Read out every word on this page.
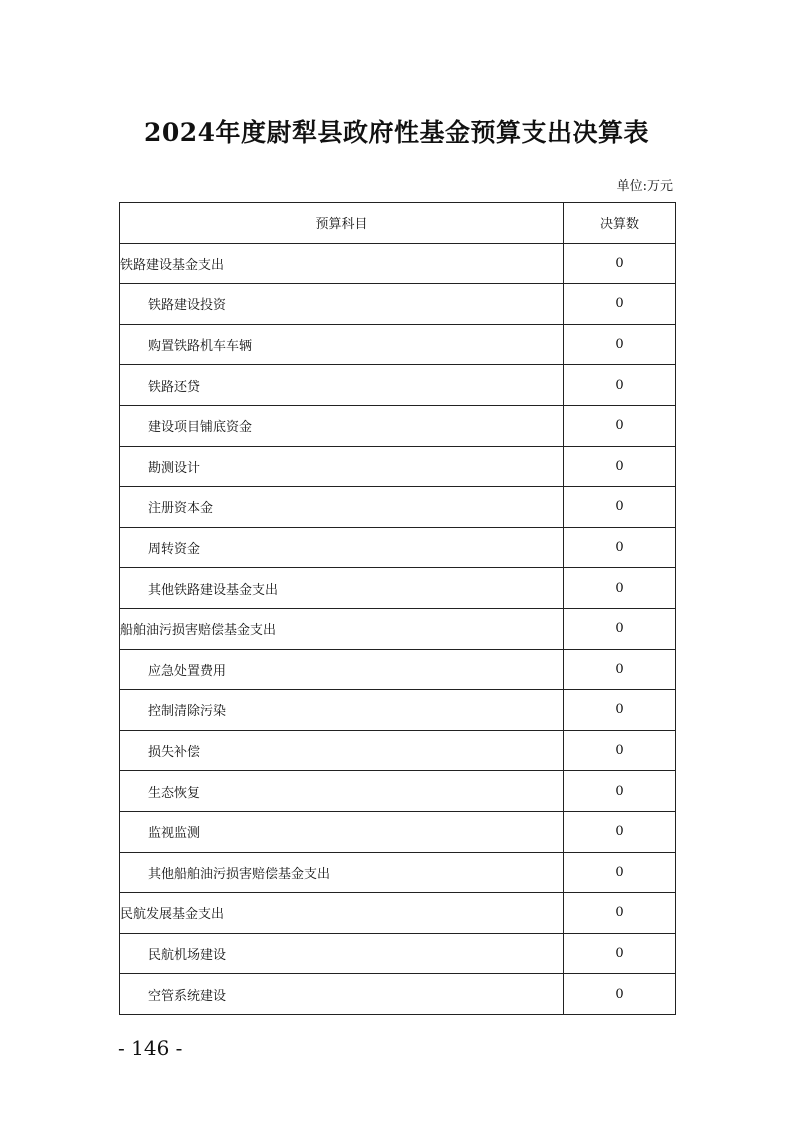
2024年度尉犁县政府性基金预算支出决算表
单位:万元
预算科目	决算数
铁路建设基金支出	0
铁路建设投资	0
购置铁路机车车辆	0
铁路还贷	0
建设项目铺底资金	0
勘测设计	0
注册资本金	0
周转资金	0
其他铁路建设基金支出	0
船舶油污损害赔偿基金支出	0
应急处置费用	0
控制清除污染	0
损失补偿	0
生态恢复	0
监视监测	0
其他船舶油污损害赔偿基金支出	0
民航发展基金支出	0
民航机场建设	0
空管系统建设	0
- 146 -
